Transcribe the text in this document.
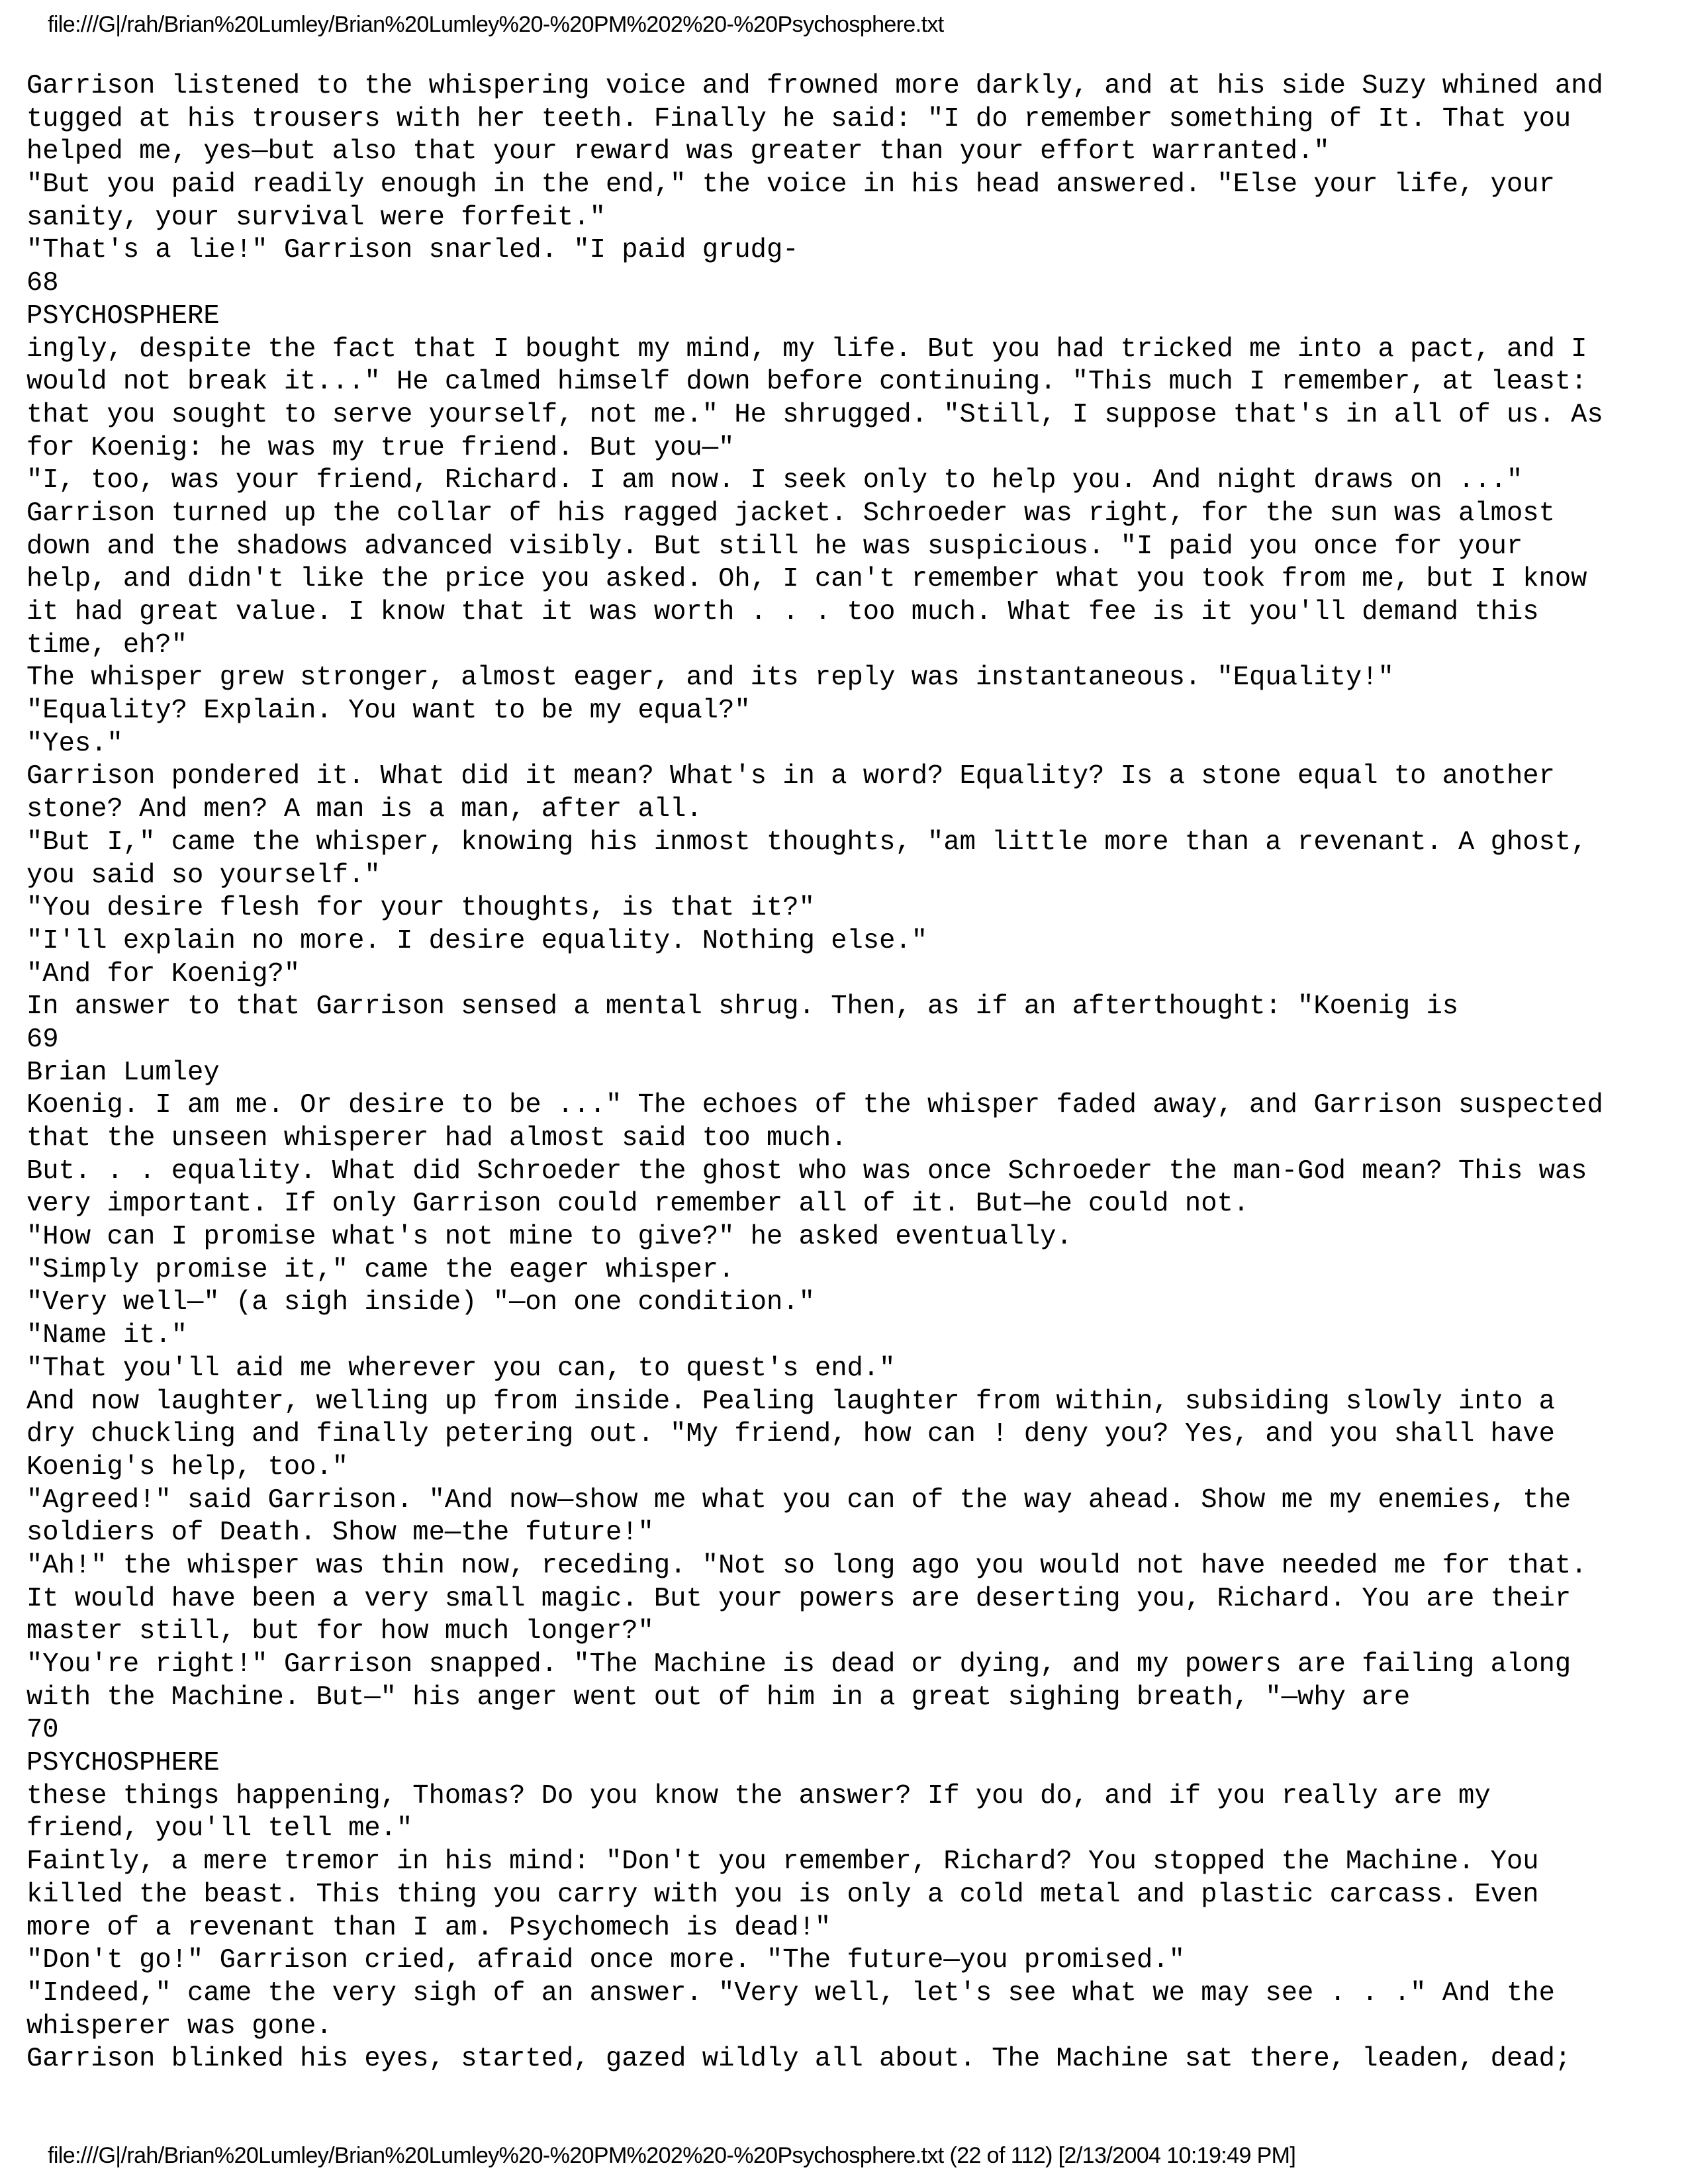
file:///G|/rah/Brian%20Lumley/Brian%20Lumley%20-%20PM%202%20-%20Psychosphere.txt
Garrison listened to the whispering voice and frowned more darkly, and at his side Suzy whined and
tugged at his trousers with her teeth. Finally he said: "I do remember something of It. That you
helped me, yes—but also that your reward was greater than your effort warranted."
"But you paid readily enough in the end," the voice in his head answered. "Else your life, your
sanity, your survival were forfeit."
"That's a lie!" Garrison snarled. "I paid grudg-
68
PSYCHOSPHERE
ingly, despite the fact that I bought my mind, my life. But you had tricked me into a pact, and I
would not break it..." He calmed himself down before continuing. "This much I remember, at least:
that you sought to serve yourself, not me." He shrugged. "Still, I suppose that's in all of us. As
for Koenig: he was my true friend. But you—"
"I, too, was your friend, Richard. I am now. I seek only to help you. And night draws on ..."
Garrison turned up the collar of his ragged jacket. Schroeder was right, for the sun was almost
down and the shadows advanced visibly. But still he was suspicious. "I paid you once for your
help, and didn't like the price you asked. Oh, I can't remember what you took from me, but I know
it had great value. I know that it was worth . . . too much. What fee is it you'll demand this
time, eh?"
The whisper grew stronger, almost eager, and its reply was instantaneous. "Equality!"
"Equality? Explain. You want to be my equal?"
"Yes."
Garrison pondered it. What did it mean? What's in a word? Equality? Is a stone equal to another
stone? And men? A man is a man, after all.
"But I," came the whisper, knowing his inmost thoughts, "am little more than a revenant. A ghost,
you said so yourself."
"You desire flesh for your thoughts, is that it?"
"I'll explain no more. I desire equality. Nothing else."
"And for Koenig?"
In answer to that Garrison sensed a mental shrug. Then, as if an afterthought: "Koenig is
69
Brian Lumley
Koenig. I am me. Or desire to be ..." The echoes of the whisper faded away, and Garrison suspected
that the unseen whisperer had almost said too much.
But. . . equality. What did Schroeder the ghost who was once Schroeder the man-God mean? This was
very important. If only Garrison could remember all of it. But—he could not.
"How can I promise what's not mine to give?" he asked eventually.
"Simply promise it," came the eager whisper.
"Very well—" (a sigh inside) "—on one condition."
"Name it."
"That you'll aid me wherever you can, to quest's end."
And now laughter, welling up from inside. Pealing laughter from within, subsiding slowly into a
dry chuckling and finally petering out. "My friend, how can ! deny you? Yes, and you shall have
Koenig's help, too."
"Agreed!" said Garrison. "And now—show me what you can of the way ahead. Show me my enemies, the
soldiers of Death. Show me—the future!"
"Ah!" the whisper was thin now, receding. "Not so long ago you would not have needed me for that.
It would have been a very small magic. But your powers are deserting you, Richard. You are their
master still, but for how much longer?"
"You're right!" Garrison snapped. "The Machine is dead or dying, and my powers are failing along
with the Machine. But—" his anger went out of him in a great sighing breath, "—why are
70
PSYCHOSPHERE
these things happening, Thomas? Do you know the answer? If you do, and if you really are my
friend, you'll tell me."
Faintly, a mere tremor in his mind: "Don't you remember, Richard? You stopped the Machine. You
killed the beast. This thing you carry with you is only a cold metal and plastic carcass. Even
more of a revenant than I am. Psychomech is dead!"
"Don't go!" Garrison cried, afraid once more. "The future—you promised."
"Indeed," came the very sigh of an answer. "Very well, let's see what we may see . . ." And the
whisperer was gone.
Garrison blinked his eyes, started, gazed wildly all about. The Machine sat there, leaden, dead;
file:///G|/rah/Brian%20Lumley/Brian%20Lumley%20-%20PM%202%20-%20Psychosphere.txt (22 of 112) [2/13/2004 10:19:49 PM]
